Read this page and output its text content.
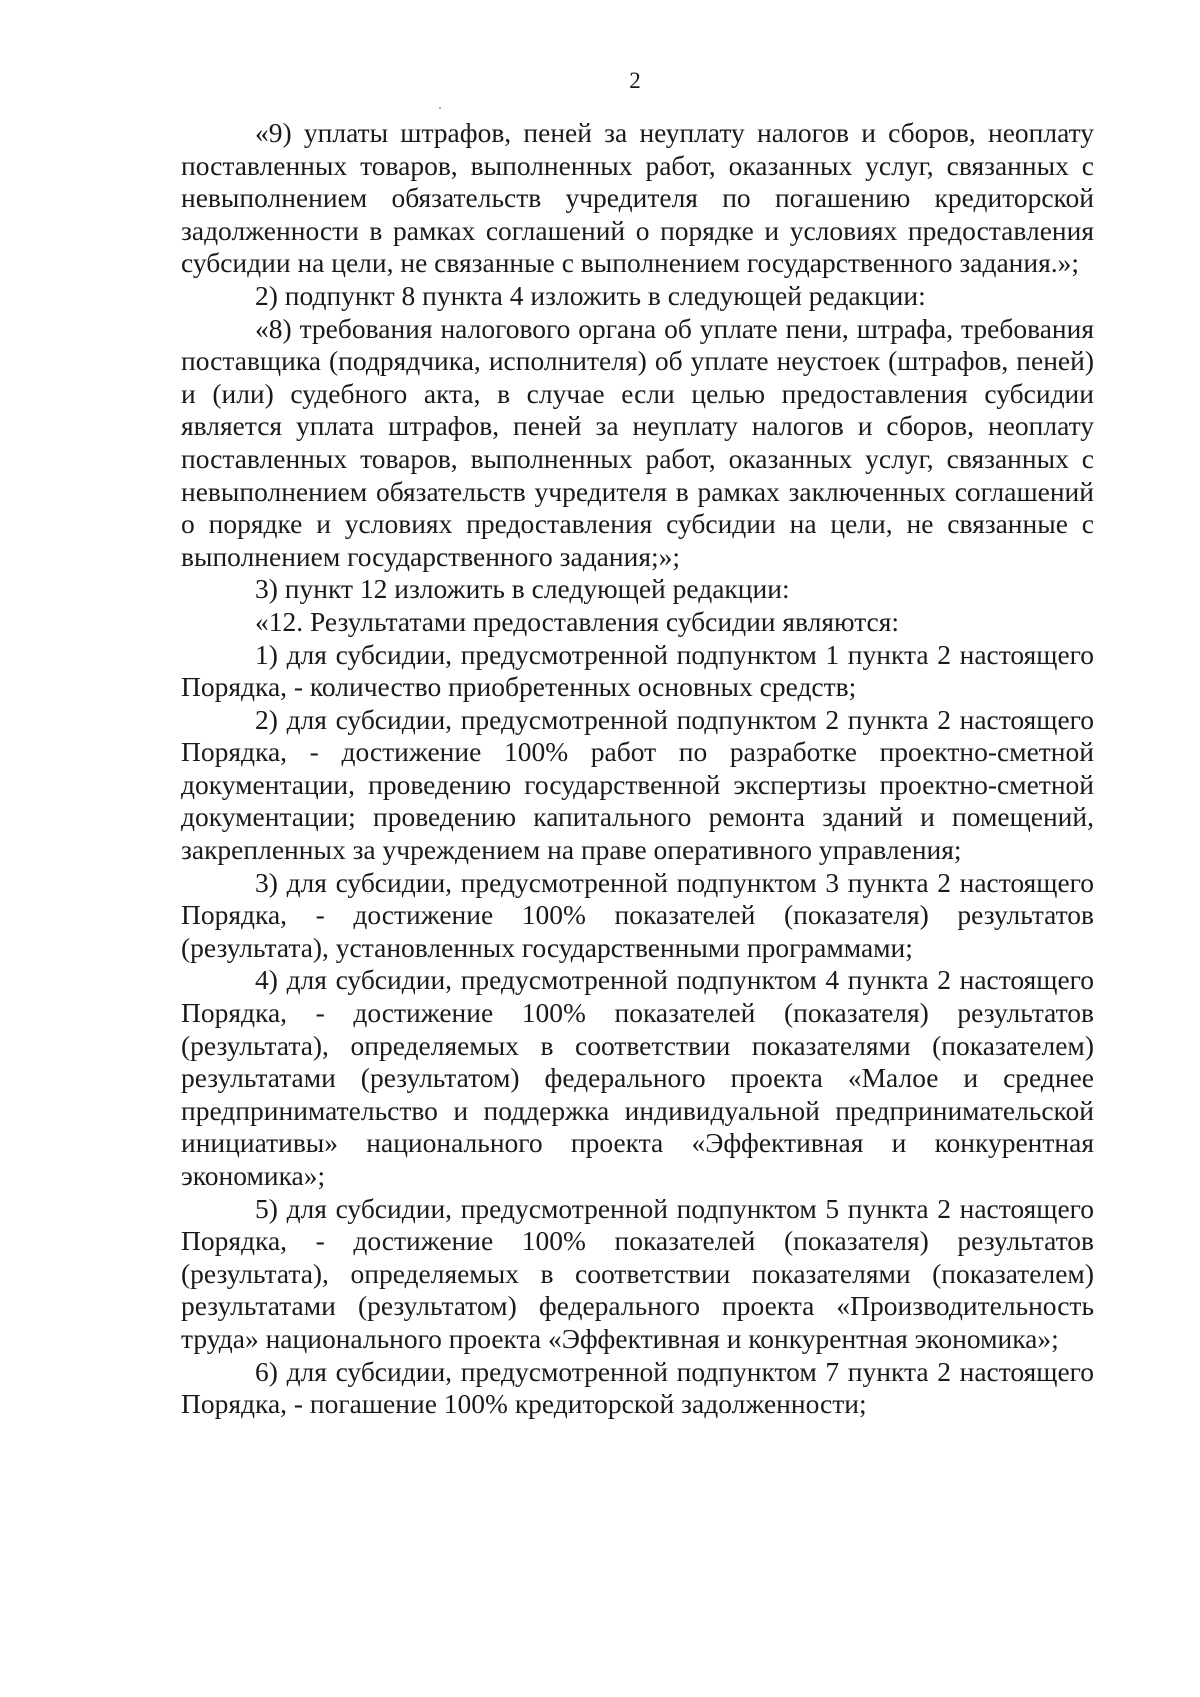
2

«9) уплаты штрафов, пеней за неуплату налогов и сборов, неоплату поставленных товаров, выполненных работ, оказанных услуг, связанных с невыполнением обязательств учредителя по погашению кредиторской задолженности в рамках соглашений о порядке и условиях предоставления субсидии на цели, не связанные с выполнением государственного задания.»;

2) подпункт 8 пункта 4 изложить в следующей редакции:

«8) требования налогового органа об уплате пени, штрафа, требования поставщика (подрядчика, исполнителя) об уплате неустоек (штрафов, пеней) и (или) судебного акта, в случае если целью предоставления субсидии является уплата штрафов, пеней за неуплату налогов и сборов, неоплату поставленных товаров, выполненных работ, оказанных услуг, связанных с невыполнением обязательств учредителя в рамках заключенных соглашений о порядке и условиях предоставления субсидии на цели, не связанные с выполнением государственного задания;»;

3) пункт 12 изложить в следующей редакции:

«12. Результатами предоставления субсидии являются:

1) для субсидии, предусмотренной подпунктом 1 пункта 2 настоящего Порядка, - количество приобретенных основных средств;

2) для субсидии, предусмотренной подпунктом 2 пункта 2 настоящего Порядка, - достижение 100% работ по разработке проектно-сметной документации, проведению государственной экспертизы проектно-сметной документации; проведению капитального ремонта зданий и помещений, закрепленных за учреждением на праве оперативного управления;

3) для субсидии, предусмотренной подпунктом 3 пункта 2 настоящего Порядка, - достижение 100% показателей (показателя) результатов (результата), установленных государственными программами;

4) для субсидии, предусмотренной подпунктом 4 пункта 2 настоящего Порядка, - достижение 100% показателей (показателя) результатов (результата), определяемых в соответствии показателями (показателем) результатами (результатом) федерального проекта «Малое и среднее предпринимательство и поддержка индивидуальной предпринимательской инициативы» национального проекта «Эффективная и конкурентная экономика»;

5) для субсидии, предусмотренной подпунктом 5 пункта 2 настоящего Порядка, - достижение 100% показателей (показателя) результатов (результата), определяемых в соответствии показателями (показателем) результатами (результатом) федерального проекта «Производительность труда» национального проекта «Эффективная и конкурентная экономика»;

6) для субсидии, предусмотренной подпунктом 7 пункта 2 настоящего Порядка, - погашение 100% кредиторской задолженности;
